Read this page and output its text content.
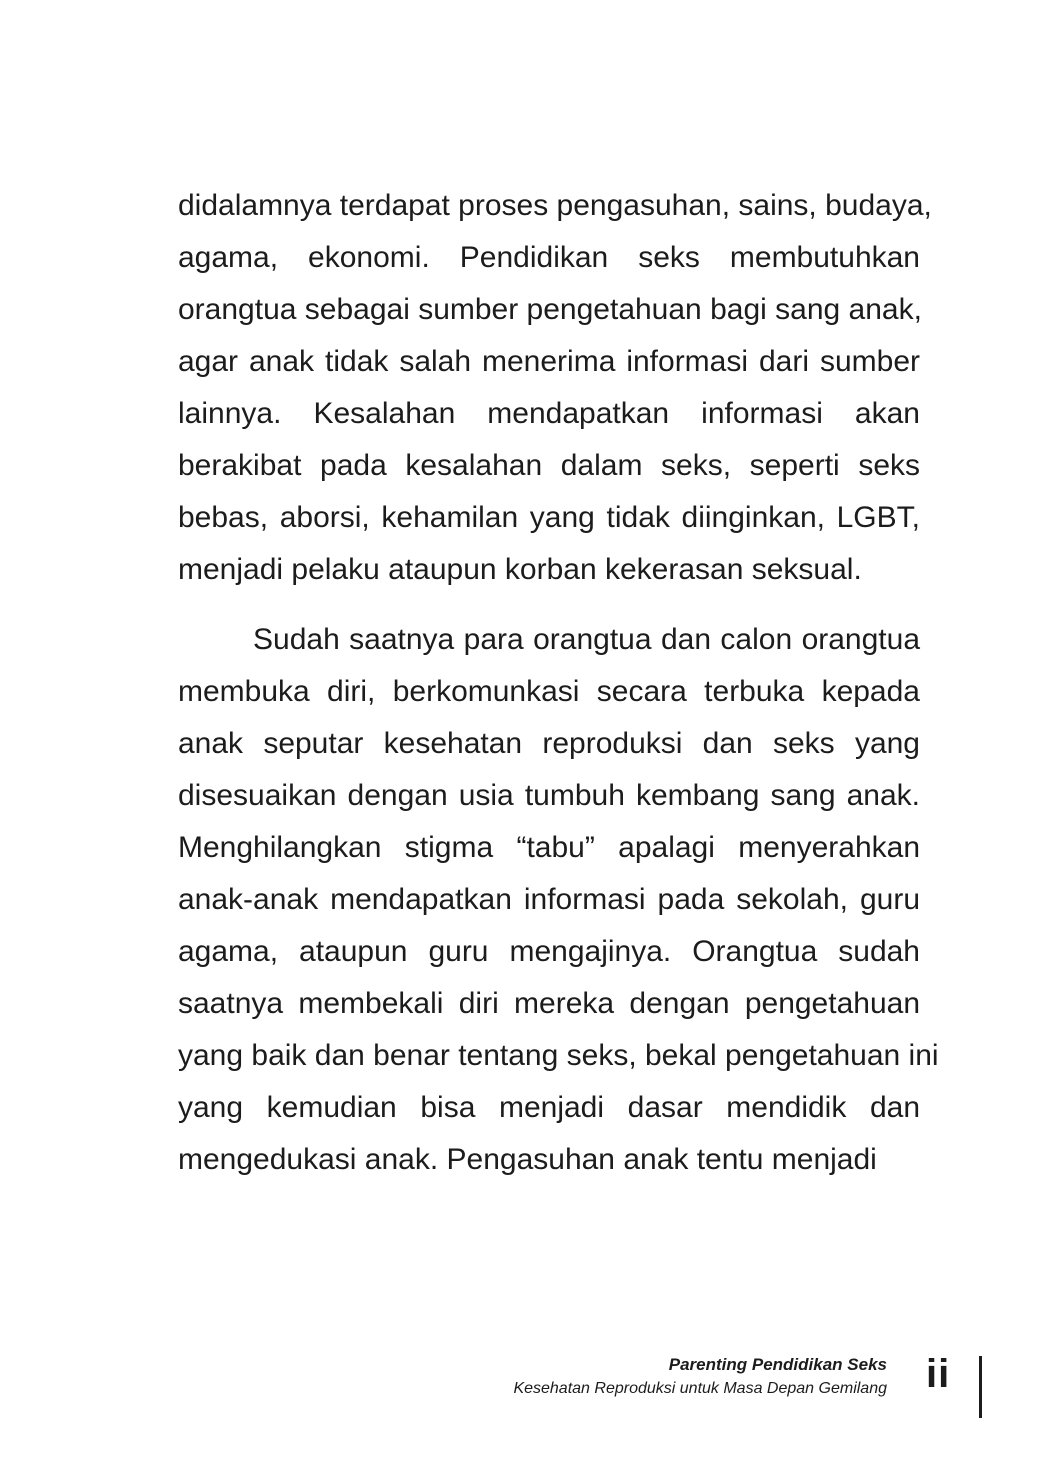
didalamnya terdapat proses pengasuhan, sains, budaya,
agama, ekonomi. Pendidikan seks membutuhkan
orangtua sebagai sumber pengetahuan bagi sang anak,
agar anak tidak salah menerima informasi dari sumber
lainnya. Kesalahan mendapatkan informasi akan
berakibat pada kesalahan dalam seks, seperti seks
bebas, aborsi, kehamilan yang tidak diinginkan, LGBT,
menjadi pelaku ataupun korban kekerasan seksual.

Sudah saatnya para orangtua dan calon orangtua
membuka diri, berkomunkasi secara terbuka kepada
anak seputar kesehatan reproduksi dan seks yang
disesuaikan dengan usia tumbuh kembang sang anak.
Menghilangkan stigma “tabu” apalagi menyerahkan
anak-anak mendapatkan informasi pada sekolah, guru
agama, ataupun guru mengajinya. Orangtua sudah
saatnya membekali diri mereka dengan pengetahuan
yang baik dan benar tentang seks, bekal pengetahuan ini
yang kemudian bisa menjadi dasar mendidik dan
mengedukasi anak. Pengasuhan anak tentu menjadi

Parenting Pendidikan Seks
Kesehatan Reproduksi untuk Masa Depan Gemilang ii
